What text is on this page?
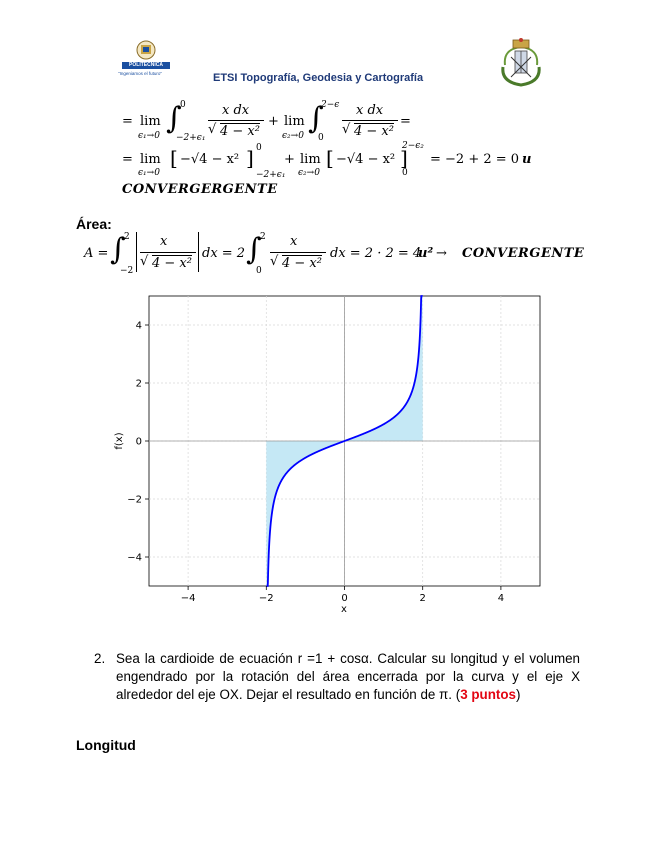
POLITÉCNICA
"Ingeniamos el futuro"	ETSI Topografía, Geodesia y Cartografía
= lim
ϵ₁→0 ∫
0
−2+ϵ₁
x dx
√ 4 − x²
+ lim
ϵ₂→0 ∫
2−ϵ
0
x dx
√ 4 − x²
=
= lim
ϵ₁→0
[ −√4 − x² ] 0
−2+ϵ₁
+ lim
ϵ₂→0
[ −√4 − x² ]
2−ϵ₂
0
= −2 + 2 = 0 u
CONVERGERGENTE
Área:
A = ∫
2
−2
x
√ 4 − x²
dx = 2 ∫
2
0
x
√ 4 − x²
dx = 2 · 2 = 4
u² → CONVERGENTE
−4	−2	0	2	4
−4
−2
0
2
4
x
f(x)
2. Sea la cardioide de ecuación r =1 + cosα. Calcular su longitud y el volumen engendrado por la rotación del área encerrada por la curva y el eje X alrededor del eje OX. Dejar el resultado en función de π. (3 puntos)
Longitud
